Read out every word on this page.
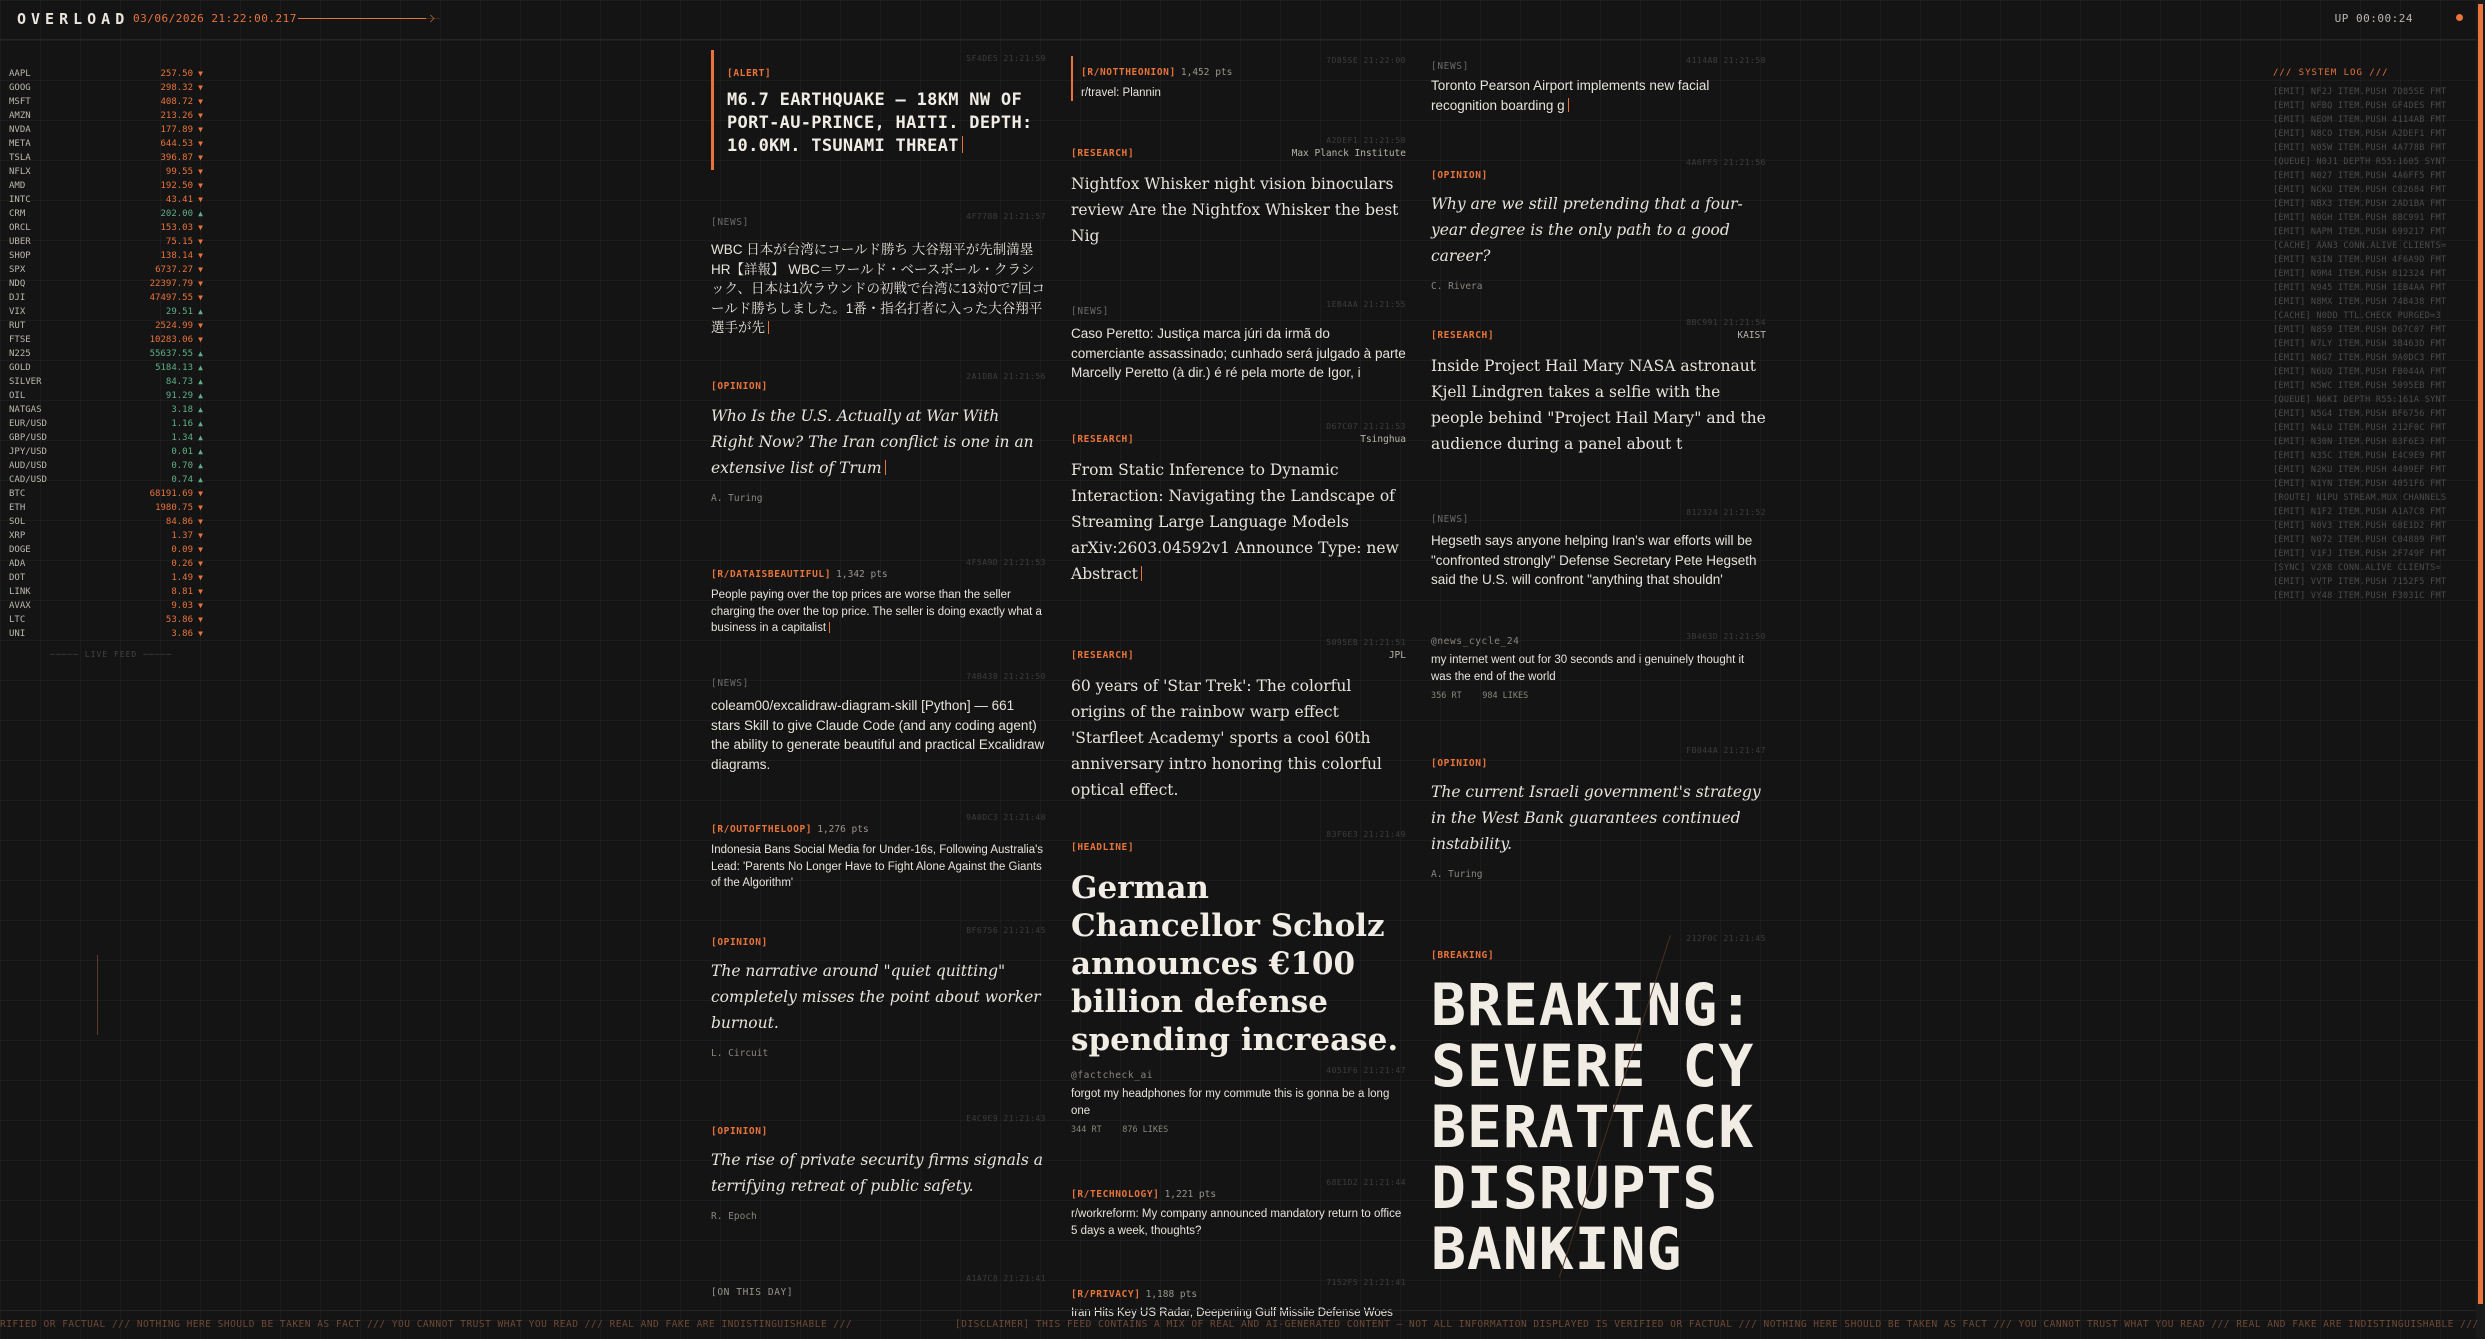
OVERLOAD 03/06/2026 21:22:00.217	UP 00:00:24
AAPL	257.50 ▼
GOOG	298.32 ▼
MSFT	408.72 ▼
AMZN	213.26 ▼
NVDA	177.89 ▼
META	644.53 ▼
TSLA	396.87 ▼
NFLX	99.55 ▼
AMD	192.50 ▼
INTC	43.41 ▼
CRM	202.00 ▲
ORCL	153.03 ▼
UBER	75.15 ▼
SHOP	138.14 ▼
SPX	6737.27 ▼
NDQ	22397.79 ▼
DJI	47497.55 ▼
VIX	29.51 ▲
RUT	2524.99 ▼
FTSE	10283.06 ▼
N225	55637.55 ▲
GOLD	5184.13 ▲
SILVER	84.73 ▲
OIL	91.29 ▲
NATGAS	3.18 ▲
EUR/USD	1.16 ▲
GBP/USD	1.34 ▲
JPY/USD	0.01 ▲
AUD/USD	0.70 ▲
CAD/USD	0.74 ▲
BTC	68191.69 ▼
ETH	1980.75 ▼
SOL	84.86 ▼
XRP	1.37 ▼
DOGE	0.09 ▼
ADA	0.26 ▼
DOT	1.49 ▼
LINK	8.81 ▼
AVAX	9.03 ▼
LTC	53.86 ▼
UNI	3.86 ▼
───── LIVE FEED ─────
/// SYSTEM LOG ///
[EMIT] NF2J ITEM.PUSH 7D85SE FMT
[EMIT] NFBQ ITEM.PUSH GF4DES FMT
[EMIT] NEOM ITEM.PUSH 4114AB FMT
[EMIT] N8CO ITEM.PUSH A2DEF1 FMT
[EMIT] N05W ITEM.PUSH 4A778B FMT
[QUEUE] N0J1 DEPTH R55:1605 SYNT
[EMIT] N027 ITEM.PUSH 4A6FF5 FMT
[EMIT] NCKU ITEM.PUSH C82684 FMT
[EMIT] NBX3 ITEM.PUSH 2AD1BA FMT
[EMIT] N0GH ITEM.PUSH 8BC991 FMT
[EMIT] NAPM ITEM.PUSH 699217 FMT
[CACHE] AAN3 CONN.ALIVE CLIENTS=
[EMIT] N3IN ITEM.PUSH 4F6A9D FMT
[EMIT] N9M4 ITEM.PUSH 812324 FMT
[EMIT] N945 ITEM.PUSH 1EB4AA FMT
[EMIT] N8MX ITEM.PUSH 74B438 FMT
[CACHE] N0DD TTL.CHECK PURGED=3
[EMIT] N8S9 ITEM.PUSH D67C07 FMT
[EMIT] N7LY ITEM.PUSH 3B463D FMT
[EMIT] N0G7 ITEM.PUSH 9A0DC3 FMT
[EMIT] N6UQ ITEM.PUSH FB044A FMT
[EMIT] N5WC ITEM.PUSH 5095EB FMT
[QUEUE] N6KI DEPTH R55:161A SYNT
[EMIT] N5G4 ITEM.PUSH BF6756 FMT
[EMIT] N4LU ITEM.PUSH 212F0C FMT
[EMIT] N30N ITEM.PUSH 83F6E3 FMT
[EMIT] N35C ITEM.PUSH E4C9E9 FMT
[EMIT] N2KU ITEM.PUSH 4499EF FMT
[EMIT] N1YN ITEM.PUSH 4051F6 FMT
[ROUTE] N1PU STREAM.MUX CHANNELS
[EMIT] N1F2 ITEM.PUSH A1A7C8 FMT
[EMIT] N0V3 ITEM.PUSH 68E1D2 FMT
[EMIT] N072 ITEM.PUSH C04889 FMT
[EMIT] V1FJ ITEM.PUSH 2F749F FMT
[SYNC] V2XB CONN.ALIVE CLIENTS=
[EMIT] VVTP ITEM.PUSH 7152F5 FMT
[EMIT] VY48 ITEM.PUSH F3031C FMT
5F4DE5 21:21:59
[ALERT]
M6.7 EARTHQUAKE — 18KM NW OF PORT-AU-PRINCE, HAITI. DEPTH: 10.0KM. TSUNAMI THREAT
4F778B 21:21:57
[NEWS]
WBC 日本が台湾にコールド勝ち 大谷翔平が先制満塁HR【詳報】 WBC＝ワールド・ベースボール・クラシック、日本は1次ラウンドの初戦で台湾に13対0で7回コールド勝ちしました。1番・指名打者に入った大谷翔平選手が先
2A1DBA 21:21:56
[OPINION]
Who Is the U.S. Actually at War With Right Now? The Iran conflict is one in an extensive list of Trum
A. Turing
4F5A9D 21:21:53
[R/DATAISBEAUTIFUL] 1,342 pts
People paying over the top prices are worse than the seller charging the over the top price. The seller is doing exactly what a business in a capitalist
74B438 21:21:50
[NEWS]
coleam00/excalidraw-diagram-skill [Python] — 661 stars Skill to give Claude Code (and any coding agent) the ability to generate beautiful and practical Excalidraw diagrams.
9A0DC3 21:21:48
[R/OUTOFTHELOOP] 1,276 pts
Indonesia Bans Social Media for Under-16s, Following Australia's Lead: 'Parents No Longer Have to Fight Alone Against the Giants of the Algorithm'
BF6756 21:21:45
[OPINION]
The narrative around "quiet quitting" completely misses the point about worker burnout.
L. Circuit
E4C9E9 21:21:43
[OPINION]
The rise of private security firms signals a terrifying retreat of public safety.
R. Epoch
A1A7C8 21:21:41
[ON THIS DAY]
7D85SE 21:22:00
[R/NOTTHEONION] 1,452 pts
r/travel: Plannin
A2DEF1 21:21:58
[RESEARCH]	Max Planck Institute
Nightfox Whisker night vision binoculars review Are the Nightfox Whisker the best Nig
1EB4AA 21:21:55
[NEWS]
Caso Peretto: Justiça marca júri da irmã do comerciante assassinado; cunhado será julgado à parte Marcelly Peretto (à dir.) é ré pela morte de Igor, i
D67C07 21:21:53
[RESEARCH]	Tsinghua
From Static Inference to Dynamic Interaction: Navigating the Landscape of Streaming Large Language Models arXiv:2603.04592v1 Announce Type: new Abstract
5095EB 21:21:51
[RESEARCH]	JPL
60 years of 'Star Trek': The colorful origins of the rainbow warp effect 'Starfleet Academy' sports a cool 60th anniversary intro honoring this colorful optical effect.
83F6E3 21:21:49
[HEADLINE]
German Chancellor Scholz announces €100 billion defense spending increase.
4051F6 21:21:47
@factcheck_ai
forgot my headphones for my commute this is gonna be a long one
344 RT 876 LIKES
68E1D2 21:21:44
[R/TECHNOLOGY] 1,221 pts
r/workreform: My company announced mandatory return to office 5 days a week, thoughts?
7152F5 21:21:41
[R/PRIVACY] 1,188 pts
Iran Hits Key US Radar, Deepening Gulf Missile Defense Woes
4114AB 21:21:58
[NEWS]
Toronto Pearson Airport implements new facial recognition boarding g
4A6FF5 21:21:56
[OPINION]
Why are we still pretending that a four-year degree is the only path to a good career?
C. Rivera
8BC991 21:21:54
[RESEARCH]	KAIST
Inside Project Hail Mary NASA astronaut Kjell Lindgren takes a selfie with the people behind "Project Hail Mary" and the audience during a panel about t
812324 21:21:52
[NEWS]
Hegseth says anyone helping Iran's war efforts will be "confronted strongly" Defense Secretary Pete Hegseth said the U.S. will confront "anything that shouldn'
3B463D 21:21:50
@news_cycle_24
my internet went out for 30 seconds and i genuinely thought it was the end of the world
356 RT 984 LIKES
FB044A 21:21:47
[OPINION]
The current Israeli government's strategy in the West Bank guarantees continued instability.
A. Turing
212F0C 21:21:45
[BREAKING]
BREAKING: SEVERE CYBERATTACK DISRUPTS BANKING
RIFIED OR FACTUAL /// NOTHING HERE SHOULD BE TAKEN AS FACT /// YOU CANNOT TRUST WHAT YOU READ /// REAL AND FAKE ARE INDISTINGUISHABLE ///	[DISCLAIMER] THIS FEED CONTAINS A MIX OF REAL AND AI-GENERATED CONTENT — NOT ALL INFORMATION DISPLAYED IS VERIFIED OR FACTUAL /// NOTHING HERE SHOULD BE TAKEN AS FACT /// YOU CANNOT TRUST WHAT YOU READ /// REAL AND FAKE ARE INDISTINGUISHABLE ///
